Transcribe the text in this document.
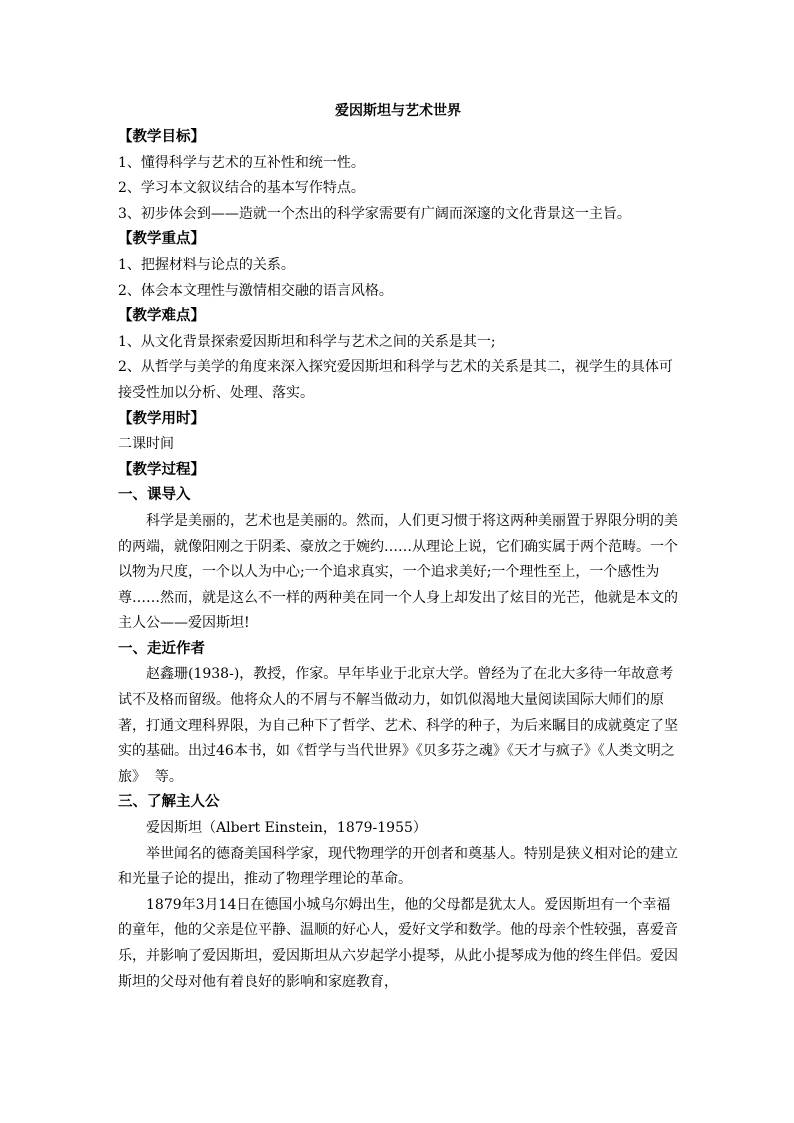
爱因斯坦与艺术世界

【教学目标】

1、懂得科学与艺术的互补性和统一性。

2、学习本文叙议结合的基本写作特点。

3、初步体会到——造就一个杰出的科学家需要有广阔而深邃的文化背景这一主旨。

【教学重点】

1、把握材料与论点的关系。

2、体会本文理性与激情相交融的语言风格。

【教学难点】

1、从文化背景探索爱因斯坦和科学与艺术之间的关系是其一;

2、从哲学与美学的角度来深入探究爱因斯坦和科学与艺术的关系是其二，视学生的具体可接受性加以分析、处理、落实。

【教学用时】

二课时间

【教学过程】

一、课导入

科学是美丽的，艺术也是美丽的。然而，人们更习惯于将这两种美丽置于界限分明的美的两端，就像阳刚之于阴柔、豪放之于婉约……从理论上说，它们确实属于两个范畴。一个以物为尺度，一个以人为中心;一个追求真实，一个追求美好;一个理性至上，一个感性为尊……然而，就是这么不一样的两种美在同一个人身上却发出了炫目的光芒，他就是本文的主人公——爱因斯坦!

一、走近作者

赵鑫珊(1938-)，教授，作家。早年毕业于北京大学。曾经为了在北大多待一年故意考试不及格而留级。他将众人的不屑与不解当做动力，如饥似渴地大量阅读国际大师们的原著，打通文理科界限，为自己种下了哲学、艺术、科学的种子，为后来瞩目的成就奠定了坚实的基础。出过46本书，如《哲学与当代世界》《贝多芬之魂》《天才与疯子》《人类文明之旅》  等。

三、了解主人公

爱因斯坦（Albert Einstein，1879-1955）

举世闻名的德裔美国科学家，现代物理学的开创者和奠基人。特别是狭义相对论的建立和光量子论的提出，推动了物理学理论的革命。

1879年3月14日在德国小城乌尔姆出生，他的父母都是犹太人。爱因斯坦有一个幸福的童年，他的父亲是位平静、温顺的好心人，爱好文学和数学。他的母亲个性较强，喜爱音乐，并影响了爱因斯坦，爱因斯坦从六岁起学小提琴，从此小提琴成为他的终生伴侣。爱因斯坦的父母对他有着良好的影响和家庭教育，
